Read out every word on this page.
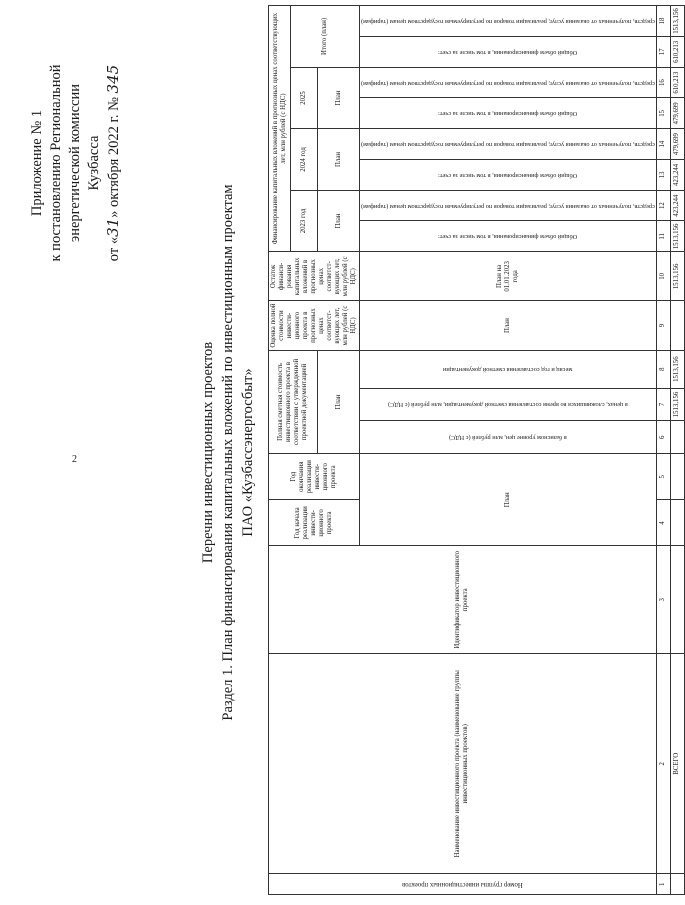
2
Приложение № 1 к постановлению Региональной энергетической комиссии Кузбасса
от «31» октября 2022 г. № 345
Перечни инвестиционных проектов Раздел 1. План финансирования капитальных вложений по инвестиционным проектам ПАО «Кузбассэнергосбыт»
Номер группы инвестиционных проектов	Наименование инвестиционного проекта (наименование группы инвестиционных проектов)	Идентификатор инвестиционного проекта	Год начала реализации инвести-ционного проекта	Год окончания реализации инвести-ционного проекта	Полная сметная стоимость инвестиционного проекта в соответствии с утвержденной проектной документацией			Оценка полной стоимости инвести-ционного проекта в прогнозных ценах соответст-вующих лет, млн рублей (с НДС)	Остаток финанси-рования капитальных вложений в прогнозных ценах соответст-вующих лет, млн рублей (с НДС)	Финансирование капитальных вложений в прогнозных ценах соответствующих лет, млн рублей (с НДС)							
										2023 год		2024 год		2025		Итого (план)	
					План					План		План		План			
			План		в базисном уровне цен, млн рублей (с НДС)	в ценах, сложившихся во время составления сметной документации, млн рублей (с НДС)	месяц и год составления сметной документации	План	План на 01.01.2023 года	Общий объем финансирования, в том числе за счет:	средств, полученных от оказания услуг, реализации товаров по регулируемым государством ценам (тарифам)	Общий объем финансирования, в том числе за счет:	средств, полученных от оказания услуг, реализации товаров по регулируемым государством ценам (тарифам)	Общий объем финансирования, в том числе за счет:	средств, полученных от оказания услуг, реализации товаров по регулируемым государством ценам (тарифам)	Общий объем финансирования, в том числе за счет:	средств, полученных от оказания услуг, реализации товаров по регулируемым государством ценам (тарифам)

1	2	3	4	5	6	7	8	9	10	11	12	13	14	15	16	17	18
	ВСЕГО					1513,156	1513,156		1513,156	1513,156	423,244	423,244	479,699	479,699	610,213	610,213	1513,156
